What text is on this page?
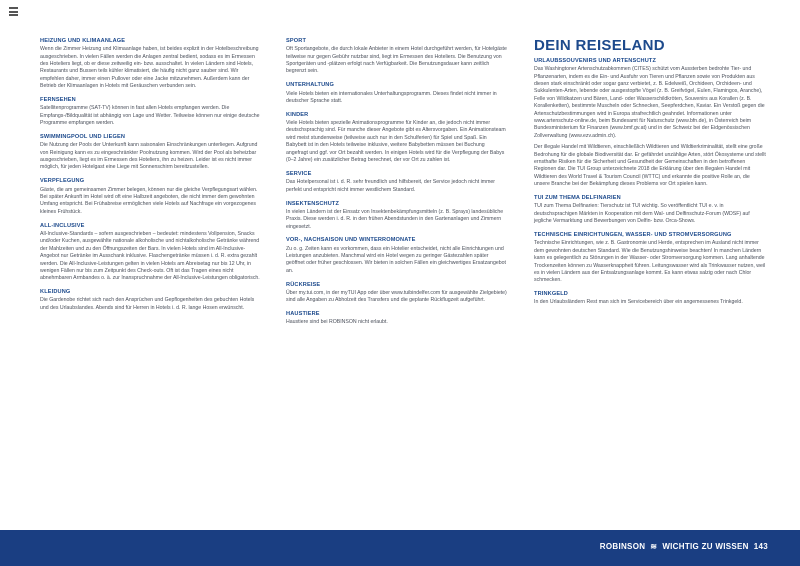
HEIZUNG UND KLIMAANLAGE

Wenn die Zimmer Heizung und Klimaanlage haben, ist beides explizit in der Hotelbeschreibung ausgeschrieben. In vielen Fällen werden die Anlagen zentral bedient, sodass es im Ermessen des Hoteliers liegt, ob er diese zeitweilig ein- bzw. ausschaltet. In vielen Ländern sind Hotels, Restaurants und Bussen teils kühler klimatisiert, die häufig nicht ganz sauber sind. Wir empfehlen daher, immer einen Pullover oder eine Jacke mitzunehmen. Außerdem kann der Betrieb der Klimaanlagen in Hotels mit Geräuschen verbunden sein.

FERNSEHEN

Satellitenprogramme (SAT-TV) können in fast allen Hotels empfangen werden. Die Empfangs-/Bildqualität ist abhängig von Lage und Wetter. Teilweise können nur einige deutsche Programme empfangen werden.

SWIMMINGPOOL UND LIEGEN

Die Nutzung der Pools der Unterkunft kann saisonalen Einschränkungen unterliegen. Aufgrund von Reinigung kann es zu eingeschränkter Poolnutzung kommen. Wird der Pool als beheizbar ausgeschrieben, liegt es im Ermessen des Hoteliers, ihn zu heizen. Leider ist es nicht immer möglich, für jeden Hotelgast eine Liege mit Sonnenschirm bereitzustellen.

VERPFLEGUNG

Gäste, die am gemeinsamen Zimmer belegen, können nur die gleiche Verpflegungsart wählen. Bei später Ankunft im Hotel wird oft eine Halbzeit angeboten, die nicht immer dem gewohnten Umfang entspricht. Bei Frühabreise ermöglichen viele Hotels auf Nachfrage ein vorgezogenes kleines Frühstück.

ALL-INCLUSIVE

All-Inclusive-Standards – sofern ausgeschrieben – bedeutet: mindestens Vollpension, Snacks und/oder Kuchen, ausgewählte nationale alkoholische und nichtalkoholische Getränke während der Mahlzeiten und zu den Öffnungszeiten der Bars. In vielen Hotels sind im All-Inclusive-Angebot nur Getränke im Ausschank inklusive. Flaschengetränke müssen i. d. R. extra gezahlt werden. Die All-Inclusive-Leistungen gelten in vielen Hotels am Abreisetag nur bis 12 Uhr, in wenigen Fällen nur bis zum Zeitpunkt des Check-outs. Oft ist das Tragen eines nicht abnehmbaren Armbandes o. ä. zur Inanspruchnahme der All-Inclusive-Leistungen obligatorisch.

KLEIDUNG

Die Gardenobe richtet sich nach den Ansprüchen und Gepflogenheiten des gebuchten Hotels und des Urlaubslandes. Abends sind für Herren in Hotels i. d. R. lange Hosen erwünscht.

SPORT

Oft Sportangebote, die durch lokale Anbieter in einem Hotel durchgeführt werden, für Hotelgäste teilweise nur gegen Gebühr nutzbar sind, liegt im Ermessen des Hoteliers. Die Benutzung von Sportgeräten und -plätzen erfolgt nach Verfügbarkeit. Die Benutzungsdauer kann zeitlich begrenzt sein.

UNTERHALTUNG

Viele Hotels bieten ein internationales Unterhaltungsprogramm. Dieses findet nicht immer in deutscher Sprache statt.

KINDER

Viele Hotels bieten spezielle Animationsprogramme für Kinder an, die jedoch nicht immer deutschsprachig sind. Für manche dieser Angebote gibt es Altersvorgaben. Ein Animationsteam wird meist stundenweise (teilweise auch nur in den Schulferien) für Spiel und Spaß. Ein Babybett ist in den Hotels teilweise inklusive, weitere Babybetten müssen bei Buchung angefragt und ggf. vor Ort bezahlt werden. In einigen Hotels wird für die Verpflegung der Babys (0–2 Jahre) ein zusätzlicher Betrag berechnet, der vor Ort zu zahlen ist.

SERVICE

Das Hotelpersonal ist i. d. R. sehr freundlich und hilfsbereit, der Service jedoch nicht immer perfekt und entspricht nicht immer westlichem Standard.

INSEKTENSCHUTZ

In vielen Ländern ist der Einsatz von Insektenbekämpfungsmitteln (z. B. Sprays) landesübliche Praxis. Diese werden i. d. R. in den frühen Abendstunden in den Gartenanlagen und Zimmern eingesetzt.

VOR-, NACHSAISON UND WINTERROMONATE

Zu o. g. Zeiten kann es vorkommen, dass ein Hotelier entscheidet, nicht alle Einrichtungen und Leistungen anzubieten. Manchmal wird ein Hotel wegen zu geringer Gästezahlen später geöffnet oder früher geschlossen. Wir bieten in solchen Fällen ein gleichwertiges Ersatzangebot an.

RÜCKREISE

Über my.tui.com, in der myTUI App oder über www.tuibindelfer.com für ausgewählte Zielgebiete) sind alle Angaben zu Abholzeit des Transfers und die geplante Rückflugzeit aufgeführt.

HAUSTIERE

Haustiere sind bei ROBINSON nicht erlaubt.

DEIN REISELAND
URLAUBSSOUVENIRS UND ARTENSCHUTZ

Das Washingtoner Artenschutzabkommen (CITES) schützt vom Aussterben bedrohte Tier- und Pflanzenarten, indem es die Ein- und Ausfuhr von Tieren und Pflanzen sowie von Produkten aus diesen stark einschränkt oder sogar ganz verbietet, z. B. Edelweiß, Orchideen, Orchideen- und Sukkulenten-Arten, lebende oder ausgestopfte Vögel (z. B. Greifvögel, Eulen, Flamingos, Aranche), Felle von Wildkatzen und Bären, Land- oder Wasserschildkröten, Souvenirs aus Korallen (z. B. Korallenketten), bestimmte Muscheln oder Schnecken, Seepferdchen, Kaviar. Ein Verstoß gegen die Artenschutzbestimmungen wird in Europa strafrechtlich geahndet. Informationen unter www.artenschutz-online.de, beim Bundesamt für Naturschutz (www.bfn.de), in Österreich beim Bundesministerium für Finanzen (www.bmf.gv.at) und in der Schweiz bei der Eidgenössischen Zollverwaltung (www.ezv.admin.ch).

Der illegale Handel mit Wildtieren, einschließlich Wildtieren und Wildtierkriminalität, stellt eine große Bedrohung für die globale Biodiversität dar. Er gefährdet unzählige Arten, stört Ökosysteme und stellt ernsthafte Risiken für die Sicherheit und Gesundheit der Gemeinschaften in den betroffenen Regionen dar. Die TUI Group unterzeichnete 2018 die Erklärung über den illegalen Handel mit Wildtieren des World Travel & Tourism Council (WTTC) und erkannte die positive Rolle an, die unsere Branche bei der Bekämpfung dieses Problems vor Ort spielen kann.

TUI ZUM THEMA DELFINARIEN

TUI zum Thema Delfinarien: Tierschutz ist TUI wichtig. So veröffentlicht TUI e. v. in deutschsprachigen Märkten in Kooperation mit dem Wal- und Delfinschutz-Forum (WDSF) auf jegliche Vermarktung und Bewerbungen von Delfin- bzw. Orca-Shows.

TECHNISCHE EINRICHTUNGEN, WASSER- UND STROMVERSORGUNG

Technische Einrichtungen, wie z. B. Gastronomie und Herde, entsprechen im Ausland nicht immer dem gewohnten deutschen Standard. Wie die Benutzungshinweise beachten! In manchen Ländern kann es gelegentlich zu Störungen in der Wasser- oder Stromversorgung kommen. Lang anhaltende Trockenzeiten können zu Wasserknappheit führen. Leitungswasser wird als Trinkwasser nutzen, weil es in vielen Ländern aus der Entsalzungsanlage kommt. Es kann etwas salzig oder nach Chlor schmecken.

TRINKGELD

In den Urlaubsländern Rest man sich im Servicebereich über ein angemessenes Trinkgeld.

ROBINSON ≋ WICHTIG ZU WISSEN 143
